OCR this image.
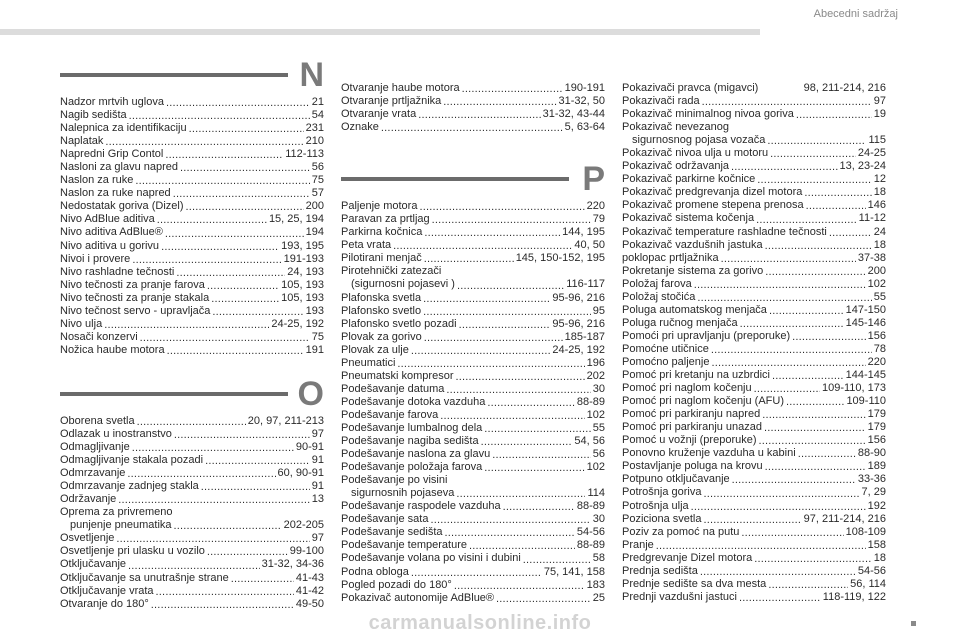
Abecedni sadržaj
N
Nadzor mrtvih uglova .....	21
Nagib sedišta .....	54
Nalepnica za identifikaciju .....	231
Naplatak .....	210
Napredni Grip Contol .....	112-113
Nasloni za glavu napred .....	56
Naslon za ruke .....	75
Naslon za ruke napred .....	57
Nedostatak goriva (Dizel) .....	200
Nivo AdBlue aditiva .....	15, 25, 194
Nivo aditiva AdBlue® .....	194
Nivo aditiva u gorivu .....	193, 195
Nivoi i provere .....	191-193
Nivo rashladne tečnosti .....	24, 193
Nivo tečnosti za pranje farova .....	105, 193
Nivo tečnosti za pranje stakala .....	105, 193
Nivo tečnost servo - upravljača .....	193
Nivo ulja .....	24-25, 192
Nosači konzervi .....	75
Nožica haube motora .....	191
O
Oborena svetla .....	20, 97, 211-213
Odlazak u inostranstvo .....	97
Odmagljivanje .....	90-91
Odmagljivanje stakala pozadi .....	91
Odmrzavanje .....	60, 90-91
Odmrzavanje zadnjeg stakla .....	91
Održavanje .....	13
Oprema za privremeno
punjenje pneumatika .....	202-205
Osvetljenje .....	97
Osvetljenje pri ulasku u vozilo .....	99-100
Otključavanje .....	31-32, 34-36
Otključavanje sa unutrašnje strane .....	41-43
Otključavanje vrata .....	41-42
Otvaranje do 180° .....	49-50
Otvaranje haube motora .....	190-191
Otvaranje prtljažnika .....	31-32, 50
Otvaranje vrata .....	31-32, 43-44
Oznake .....	5, 63-64
P
Paljenje motora .....	220
Paravan za prtljag .....	79
Parkirna kočnica .....	144, 195
Peta vrata .....	40, 50
Pilotirani menjač .....	145, 150-152, 195
Pirotehnički zatezači
(sigurnosni pojasevi ) .....	116-117
Plafonska svetla .....	95-96, 216
Plafonsko svetlo .....	95
Plafonsko svetlo pozadi .....	95-96, 216
Plovak za gorivo .....	185-187
Plovak za ulje .....	24-25, 192
Pneumatici .....	196
Pneumatski kompresor .....	202
Podešavanje datuma .....	30
Podešavanje dotoka vazduha .....	88-89
Podešavanje farova .....	102
Podešavanje lumbalnog dela .....	55
Podešavanje nagiba sedišta .....	54, 56
Podešavanje naslona za glavu .....	56
Podešavanje položaja farova .....	102
Podešavanje po visini
sigurnosnih pojaseva .....	114
Podešavanje raspodele vazduha .....	88-89
Podešavanje sata .....	30
Podešavanje sedišta .....	54-56
Podešavanje temperature .....	88-89
Podešavanje volana po visini i dubini .....	58
Podna obloga .....	75, 141, 158
Pogled pozadi do 180° .....	183
Pokazivač autonomije AdBlue® .....	25
Pokazivači pravca (migavci)	98, 211-214, 216
Pokazivači rada .....	97
Pokazivač minimalnog nivoa goriva .....	19
Pokazivač nevezanog
sigurnosnog pojasa vozača .....	115
Pokazivač nivoa ulja u motoru .....	24-25
Pokazivač održavanja .....	13, 23-24
Pokazivač parkirne kočnice .....	12
Pokazivač predgrevanja dizel motora .....	18
Pokazivač promene stepena prenosa .....	146
Pokazivač sistema kočenja .....	11-12
Pokazivač temperature rashladne tečnosti .....	24
Pokazivač vazdušnih jastuka .....	18
poklopac prtljažnika .....	37-38
Pokretanje sistema za gorivo .....	200
Položaj farova .....	102
Položaj stočića .....	55
Poluga automatskog menjača .....	147-150
Poluga ručnog menjača .....	145-146
Pomoći pri upravljanju (preporuke) .....	156
Pomoćne utičnice .....	78
Pomoćno paljenje .....	220
Pomoć pri kretanju na uzbrdici .....	144-145
Pomoć pri naglom kočenju .....	109-110, 173
Pomoć pri naglom kočenju (AFU) .....	109-110
Pomoć pri parkiranju napred .....	179
Pomoć pri parkiranju unazad .....	179
Pomoć u vožnji (preporuke) .....	156
Ponovno kruženje vazduha u kabini .....	88-90
Postavljanje poluga na krovu .....	189
Potpuno otključavanje .....	33-36
Potrošnja goriva .....	7, 29
Potrošnja ulja .....	192
Poziciona svetla .....	97, 211-214, 216
Poziv za pomoć na putu .....	108-109
Pranje .....	158
Predgrevanje Dizel motora .....	18
Prednja sedišta .....	54-56
Prednje sedište sa dva mesta .....	56, 114
Prednji vazdušni jastuci .....	118-119, 122
carmanualsonline.info
